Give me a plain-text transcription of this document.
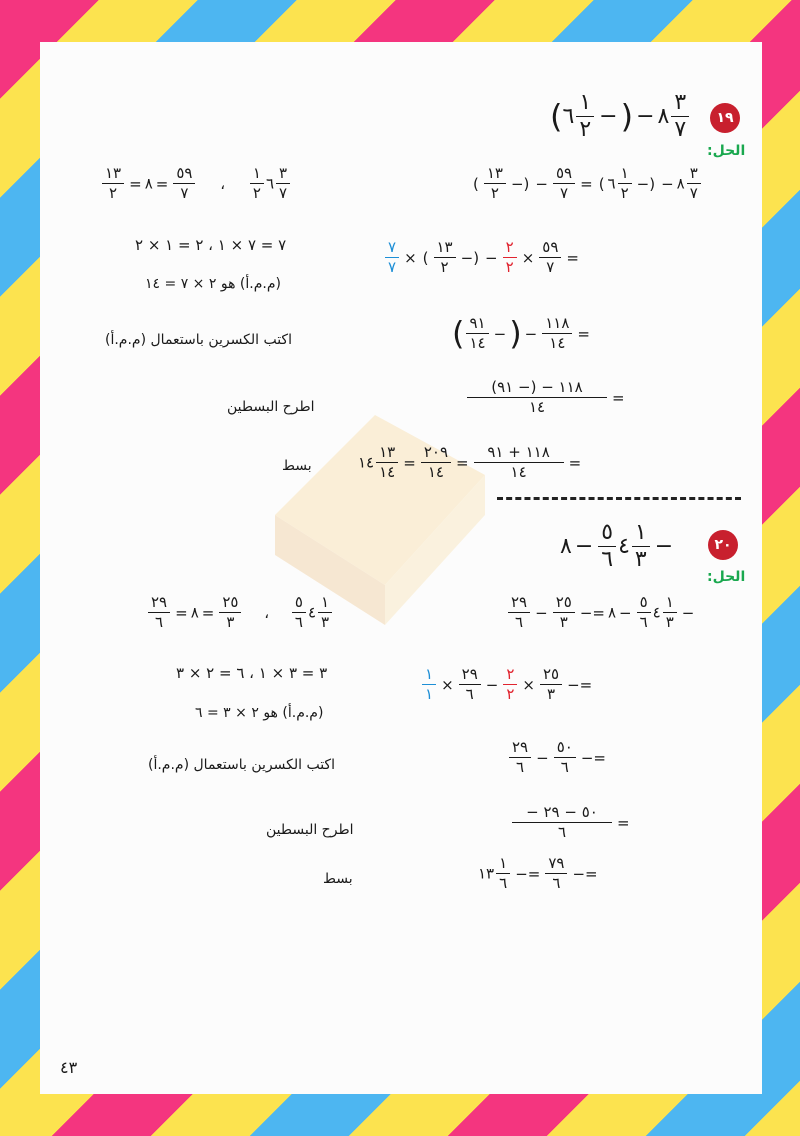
(٦ $\frac{١}{٢}$ −) − ٨ $\frac{٣}{٧}$	١٩
الحل:
$\frac{١٣}{٢}$ =	٦
$\frac{١}{٢}$
،
$\frac{٥٩}{٧}$
=٨	$\frac{٣}{٧}$	( $\frac{١٣}{٢}$ −) − $\frac{٥٩}{٧}$ = ( ٦ $\frac{١}{٢}$ −) − ٨ $\frac{٣}{٧}$
٧ = ٧ × ١ ، ٢ = ١ × ٢
(م.م.أ) هو ٢ × ٧ = ١٤
$\frac{٧}{٧}$ × ( $\frac{١٣}{٢}$ −) − $\frac{٢}{٢} \times \frac{٥٩}{٧}$ =
اكتب الكسرين باستعمال (م.م.أ)	( $\frac{٩١}{١٤}$ −) − $\frac{١١٨}{١٤}$ =
اطرح البسطين	$\frac{١١٨ - (- ٩١)}{١٤}$ =
بسط	١٤ $\frac{١٣}{١٤} = \frac{٢٠٩}{١٤} = \frac{١١٨ + ٩١}{١٤}$ =
٤
$\frac{٥}{٦}$
−٨	$\frac{١}{٣}$ −	٢٠
الحل:
$\frac{٢٩}{٦}$ =	٤
$\frac{٥}{٦}$
،
$\frac{٢٥}{٣}$
=٨	$\frac{١}{٣}$	$\frac{٢٩}{٦} - \frac{٢٥}{٣}$ −=	٤
$\frac{٥}{٦}$
−٨	$\frac{١}{٣}$ −
٣ = ٣ × ١ ، ٦ = ٢ × ٣
(م.م.أ) هو ٢ × ٣ = ٦
$\frac{١}{١} \times \frac{٢٩}{٦} - \frac{٢}{٢} \times \frac{٢٥}{٣}$ −=
اكتب الكسرين باستعمال (م.م.أ)	$\frac{٢٩}{٦} - \frac{٥٠}{٦}$ −=
اطرح البسطين	$\frac{- ٥٠ - ٢٩}{٦}$ =
بسط	١٣ $\frac{١}{٦} -= \frac{٧٩}{٦}$ −=
٤٣
